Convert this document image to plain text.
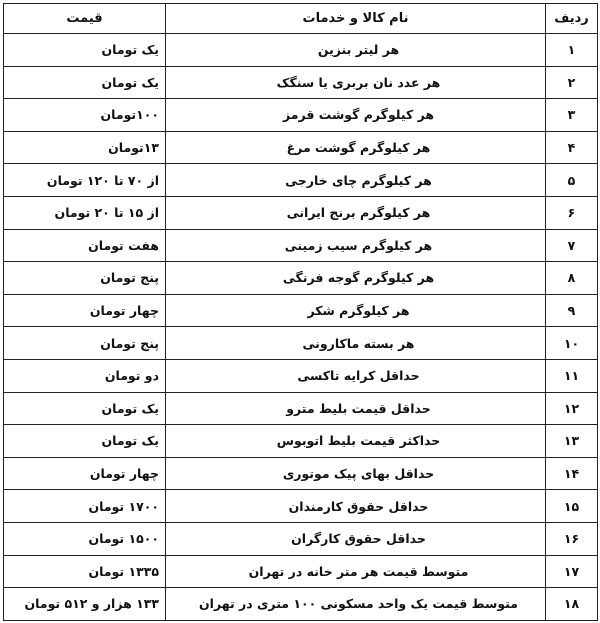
ردیف	نام کالا و خدمات	قیمت
۱	هر لیتر بنزین	یک تومان
۲	هر عدد نان بربری یا سنگک	یک تومان
۳	هر کیلوگرم گوشت قرمز	۱۰۰تومان
۴	هر کیلوگرم گوشت مرغ	۱۳تومان
۵	هر کیلوگرم چای خارجی	از ۷۰ تا ۱۲۰ تومان
۶	هر کیلوگرم برنج ایرانی	از ۱۵ تا ۲۰ تومان
۷	هر کیلوگرم سیب زمینی	هفت تومان
۸	هر کیلوگرم گوجه فرنگی	پنج تومان
۹	هر کیلوگرم شکر	چهار تومان
۱۰	هر بسته ماکارونی	پنج تومان
۱۱	حداقل کرایه تاکسی	دو تومان
۱۲	حداقل قیمت بلیط مترو	یک تومان
۱۳	حداکثر قیمت بلیط اتوبوس	یک تومان
۱۴	حداقل بهای پیک موتوری	چهار تومان
۱۵	حداقل حقوق کارمندان	۱۷۰۰ تومان
۱۶	حداقل حقوق کارگران	۱۵۰۰ تومان
۱۷	متوسط قیمت هر متر خانه در تهران	۱۳۳۵ تومان
۱۸	متوسط قیمت یک واحد مسکونی ۱۰۰ متری در تهران	۱۳۳ هزار و ۵۱۲ تومان
